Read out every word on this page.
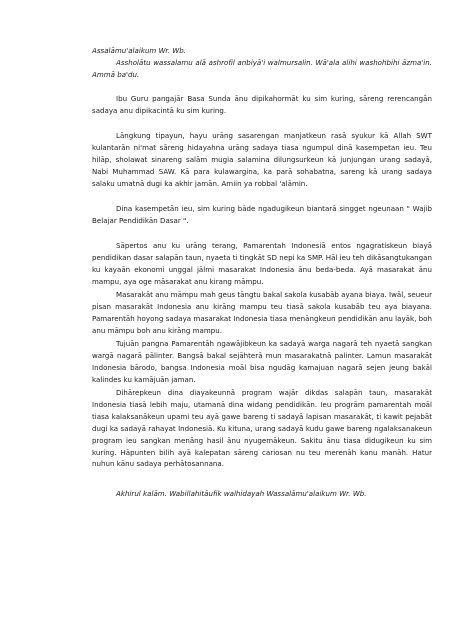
Assalāmu'alaikum Wr. Wb.

Assholātu wassalamu alā ashrofil anbiyā'i walmursalin. Wā'ala alihi washohbihi āzma'in. Ammā ba'du.

Ibu Guru pangajār Basa Sunda ānu dipikahormāt ku sim kuring, sāreng rerencangān sadaya anu dipikacintā ku sim kuring.

Lāngkung tipayun, hayu urāng sasarengan manjatkeun rasā syukur kā Allah SWT kulantarān ni'mat sāreng hidayahna urāng sadaya tiasa ngumpul dinā kasempetan ieu. Teu hilāp, sholawat sinareng salām mugia salamina dilungsurkeun kā junjungan urang sadayā, Nabi Muhammad SAW. Kā para kulawargina, ka parā sohabatna, sareng kā urang sadaya salaku umatnā dugi ka akhir jamān. Amiin ya robbal 'alāmin.

Dina kasempetān ieu, sim kuring bāde ngadugikeun biantarā singget ngeunaan " Wajib Belajar Pendidikān Dasar ".

Sāpertos anu ku urāng terang, Pamarentah Indonesiā entos ngagratiskeun biayā pendidikan dasar salapān taun, nyaeta ti tingkāt SD nepi ka SMP. Hāl ieu teh dikāsangtukangan ku kayaān ekonomi unggal jālmi masarakat Indonesia ānu beda-beda. Ayā masarakat ānu mampu, aya oge māsarakat anu kirang māmpu.

Masarakāt anu māmpu mah geus tāngtu bakal sakola kusabāb ayana biaya. Iwāl, seueur pisan masarakāt Indonesia anu kirāng mampu teu tiasā sakola kusabāb teu aya biayana. Pamarentāh hoyong sadaya masarakat Indonesia tiasa menāngkeun pendidikān anu layāk, boh anu māmpu boh anu kirāng mampu.

Tujuān pangna Pamarentāh ngawājibkeun ka sadayā warga nagarā teh nyaetā sangkan wargā nagarā pālinter. Bangsā bakal sejāhterā mun masarakatnā palinter. Lamun masarakāt Indonesia bārodo, bangsa Indonesia moāl bisa ngudāg kamajuan nagarā sejen jeung bakāl kalindes ku kamājuān jaman.

Dihārepkeun dina diayakeunnā program wajār dikdas salapān taun, masarakāt Indonesia tiasā lebih maju, utamanā dina widang pendidikān. Ieu progrām pamarentah moāl tiasa kalaksanākeun upami teu ayā gawe bareng ti sadayā lapisan masarakāt, ti kawit pejabāt dugi ka sadayā rahayat Indonesiā. Ku kituna, urang sadayā kudu gawe bareng ngalaksanakeun program ieu sangkan menāng hasil ānu nyugemākeun. Sakitu ānu tiasa didugikeun ku sim kuring. Hāpunten bilih ayā kalepatan sāreng cariosan nu teu merenāh kanu manāh. Hatur nuhun kānu sadaya perhātosannana.

Akhirul kalām. Wabillahitāufik walhidayah Wassalāmu'alaikum Wr. Wb.
